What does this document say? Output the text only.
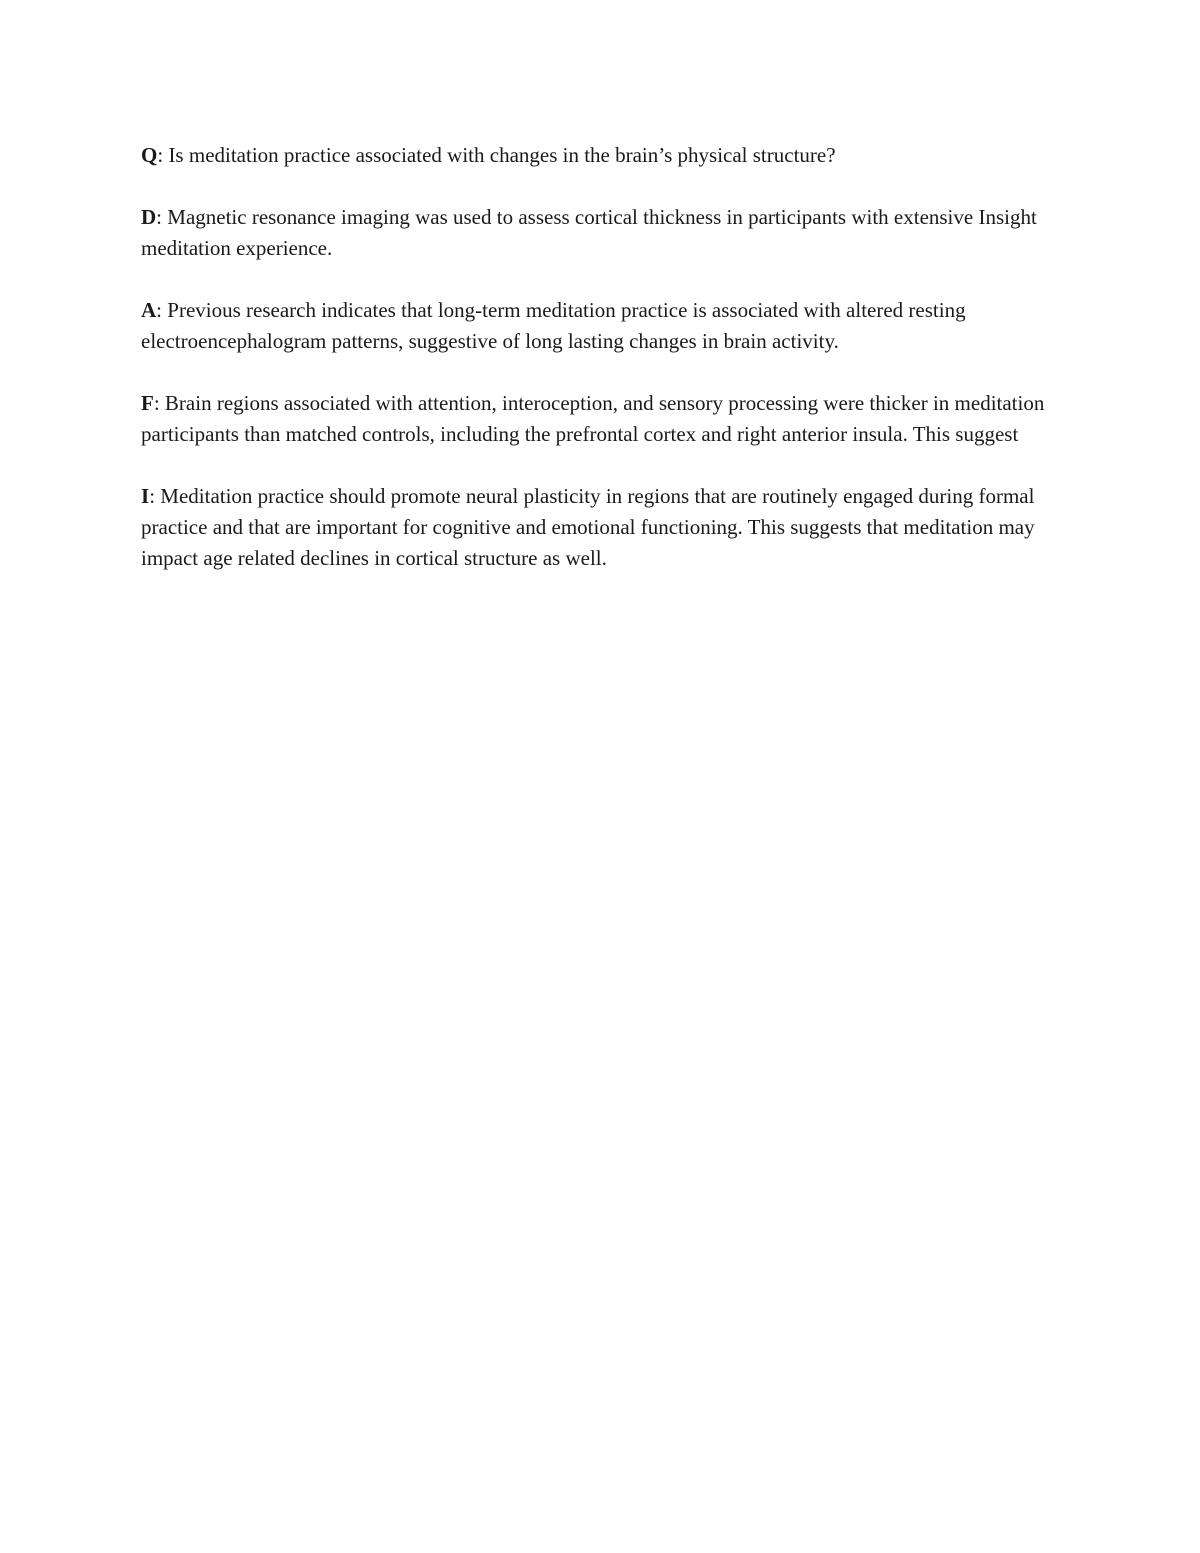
Q: Is meditation practice associated with changes in the brain’s physical structure?

D: Magnetic resonance imaging was used to assess cortical thickness in participants with extensive Insight meditation experience.

A: Previous research indicates that long-term meditation practice is associated with altered resting electroencephalogram patterns, suggestive of long lasting changes in brain activity.

F: Brain regions associated with attention, interoception, and sensory processing were thicker in meditation participants than matched controls, including the prefrontal cortex and right anterior insula. This suggest

I: Meditation practice should promote neural plasticity in regions that are routinely engaged during formal practice and that are important for cognitive and emotional functioning. This suggests that meditation may impact age related declines in cortical structure as well.
